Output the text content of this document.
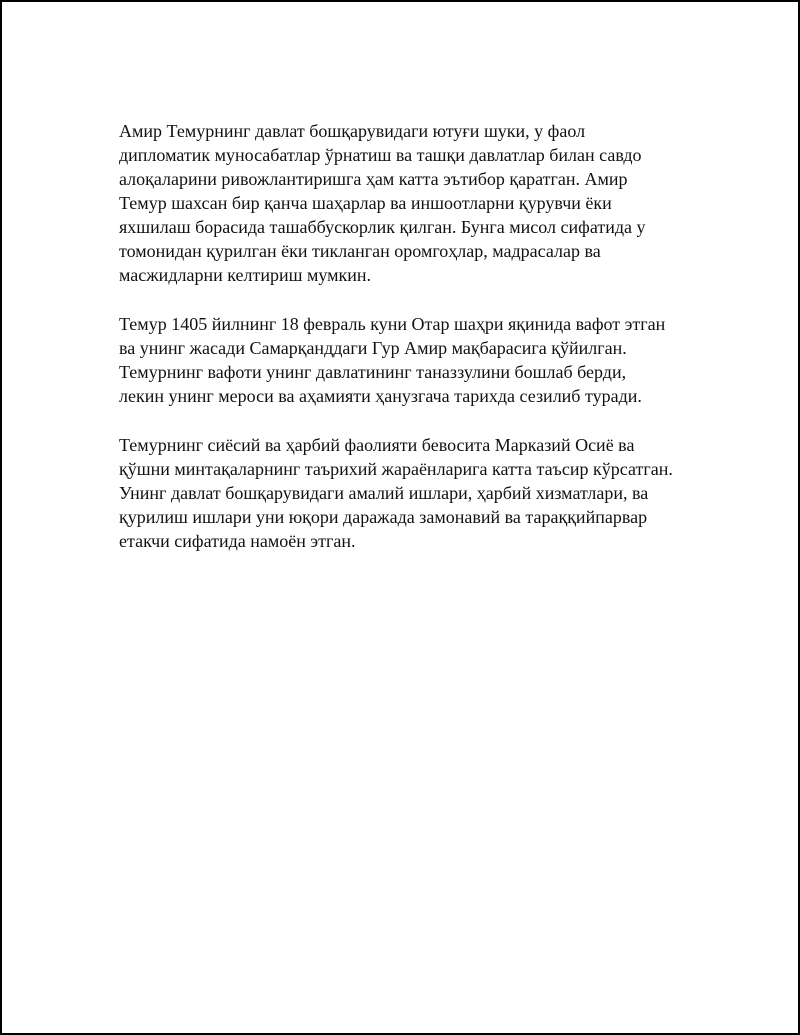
Амир Темурнинг давлат бошқарувидаги ютуғи шуки, у фаол
дипломатик муносабатлар ўрнатиш ва ташқи давлатлар билан савдо
алоқаларини ривожлантиришга ҳам катта эътибор қаратган. Амир
Темур шахсан бир қанча шаҳарлар ва иншоотларни қурувчи ёки
яхшилаш борасида ташаббускорлик қилган. Бунга мисол сифатида у
томонидан қурилган ёки тикланган оромгоҳлар, мадрасалар ва
масжидларни келтириш мумкин.

Темур 1405 йилнинг 18 февраль куни Отар шаҳри яқинида вафот этган
ва унинг жасади Самарқанддаги Гур Амир мақбарасига қўйилган.
Темурнинг вафоти унинг давлатининг таназзулини бошлаб берди,
лекин унинг мероси ва аҳамияти ҳанузгача тарихда сезилиб туради.

Темурнинг сиёсий ва ҳарбий фаолияти бевосита Марказий Осиё ва
қўшни минтақаларнинг таърихий жараёнларига катта таъсир кўрсатган.
Унинг давлат бошқарувидаги амалий ишлари, ҳарбий хизматлари, ва
қурилиш ишлари уни юқори даражада замонавий ва тараққийпарвар
етакчи сифатида намоён этган.
